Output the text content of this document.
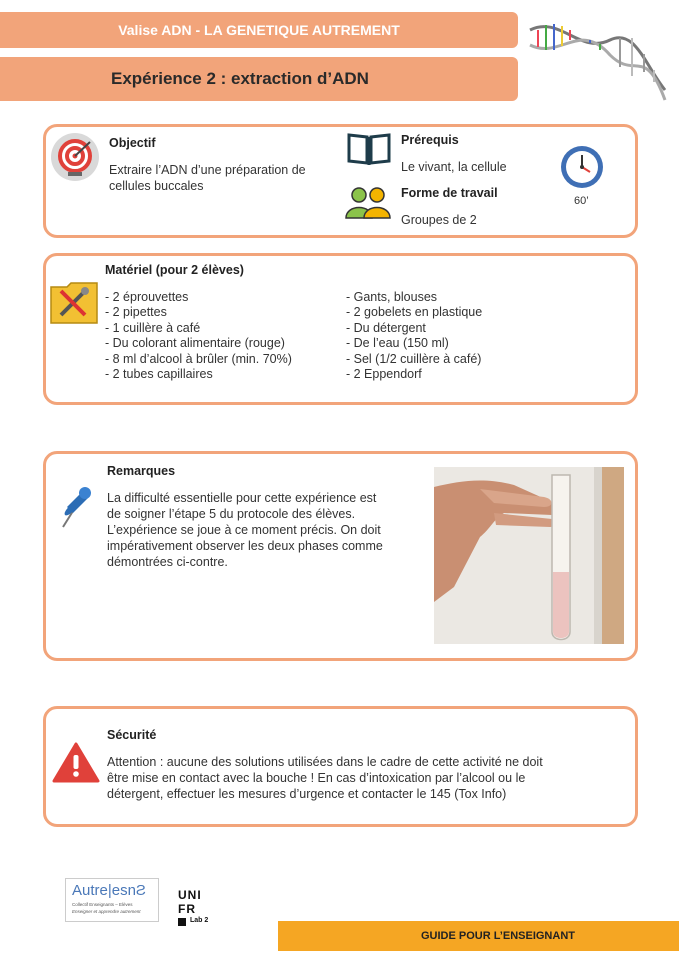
Valise ADN - LA GENETIQUE AUTREMENT
Expérience 2 : extraction d’ADN
Objectif
Extraire l’ADN d’une préparation de
cellules buccales
Prérequis
Le vivant, la cellule
Forme de travail
Groupes de 2
60’
Matériel (pour 2 élèves)
- 2 éprouvettes
- 2 pipettes
- 1 cuillère à café
- Du colorant alimentaire (rouge)
- 8 ml d’alcool à brûler (min. 70%)
- 2 tubes capillaires
- Gants, blouses
- 2 gobelets en plastique
- Du détergent
- De l’eau (150 ml)
- Sel (1/2 cuillère à café)
- 2 Eppendorf
Remarques
La difficulté essentielle pour cette expérience est
de soigner l’étape 5 du protocole des élèves.
L’expérience se joue à ce moment précis. On doit
impérativement observer les deux phases comme
démontrées ci-contre.
Sécurité
Attention : aucune des solutions utilisées dans le cadre de cette activité ne doit
être mise en contact avec la bouche ! En cas d’intoxication par l’alcool ou le
détergent, effectuer les mesures d’urgence et contacter le 145 (Tox Info)
Autre|esnƧ
Collectif Enseignants – Elèves
Enseigner et apprendre autrement
UNI
FR
Lab 2
GUIDE POUR L’ENSEIGNANT
